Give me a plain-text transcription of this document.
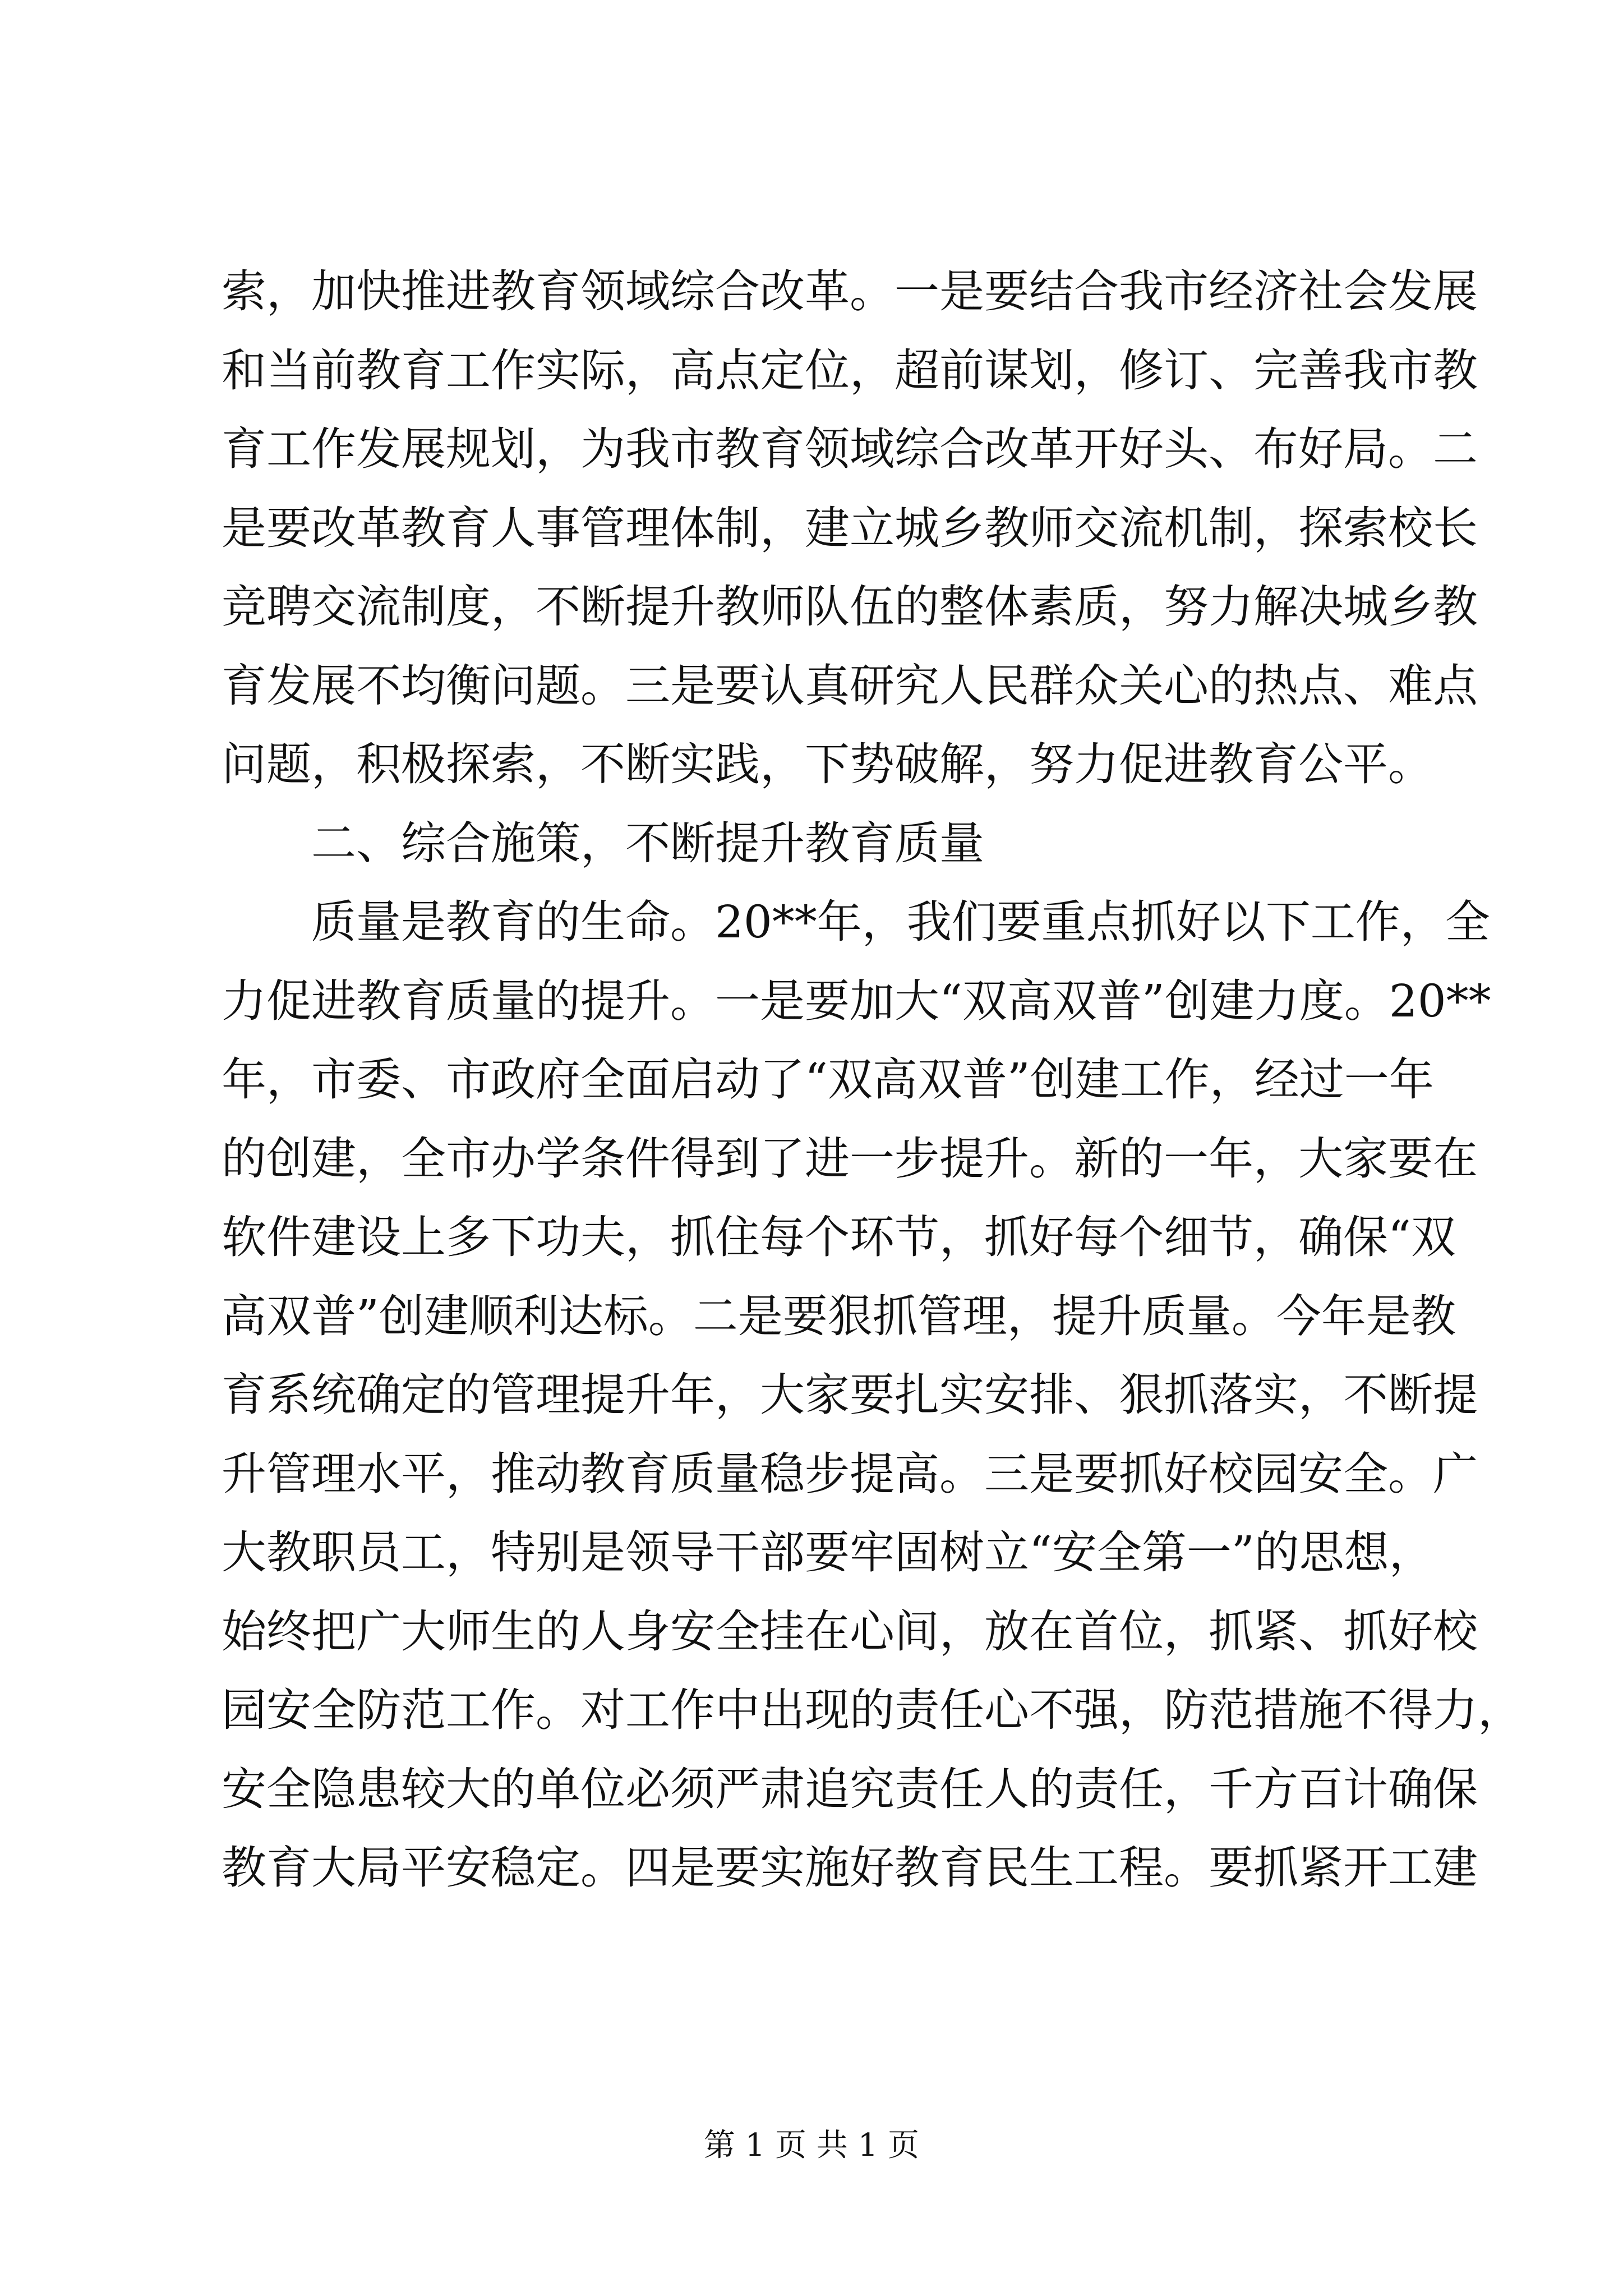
索，加快推进教育领域综合改革。一是要结合我市经济社会发展
和当前教育工作实际，高点定位，超前谋划，修订、完善我市教
育工作发展规划，为我市教育领域综合改革开好头、布好局。二
是要改革教育人事管理体制，建立城乡教师交流机制，探索校长
竞聘交流制度，不断提升教师队伍的整体素质，努力解决城乡教
育发展不均衡问题。三是要认真研究人民群众关心的热点、难点
问题，积极探索，不断实践，下势破解，努力促进教育公平。
二、综合施策，不断提升教育质量
质量是教育的生命。20**年，我们要重点抓好以下工作，全
力促进教育质量的提升。一是要加大“双高双普”创建力度。20**
年，市委、市政府全面启动了“双高双普”创建工作，经过一年
的创建，全市办学条件得到了进一步提升。新的一年，大家要在
软件建设上多下功夫，抓住每个环节，抓好每个细节，确保“双
高双普”创建顺利达标。二是要狠抓管理，提升质量。今年是教
育系统确定的管理提升年，大家要扎实安排、狠抓落实，不断提
升管理水平，推动教育质量稳步提高。三是要抓好校园安全。广
大教职员工，特别是领导干部要牢固树立“安全第一”的思想，
始终把广大师生的人身安全挂在心间，放在首位，抓紧、抓好校
园安全防范工作。对工作中出现的责任心不强，防范措施不得力，
安全隐患较大的单位必须严肃追究责任人的责任，千方百计确保
教育大局平安稳定。四是要实施好教育民生工程。要抓紧开工建
第 1 页 共 1 页
